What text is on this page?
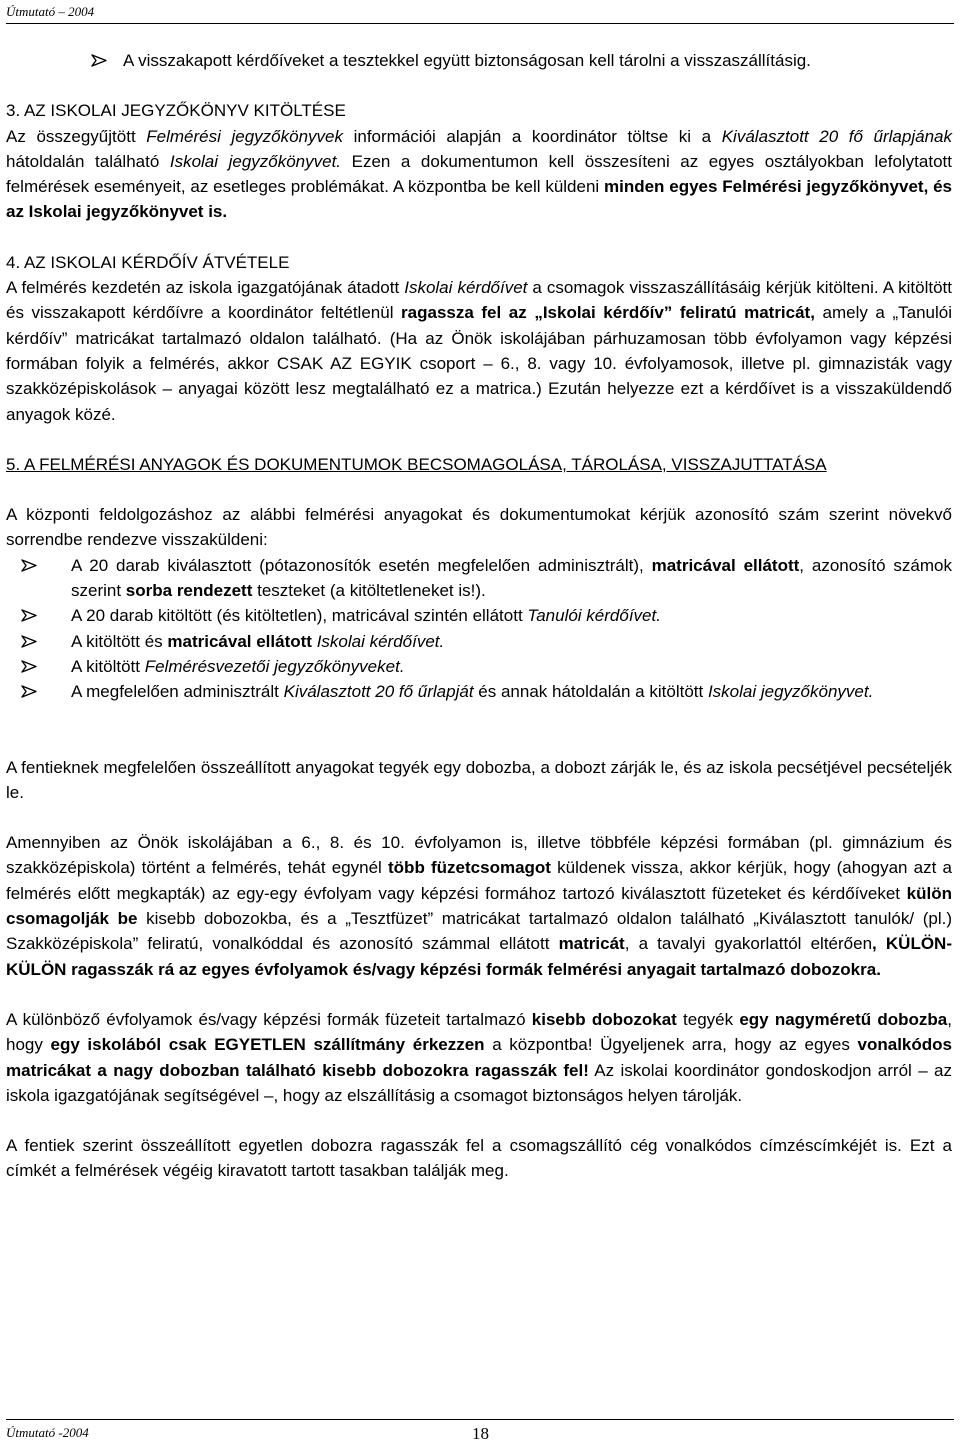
Útmutató – 2004
A visszakapott kérdőíveket a tesztekkel együtt biztonságosan kell tárolni a visszaszállításig.

3. AZ ISKOLAI JEGYZŐKÖNYV KITÖLTÉSE

Az összegyűjtött Felmérési jegyzőkönyvek információi alapján a koordinátor töltse ki a Kiválasztott 20 fő űrlapjának hátoldalán található Iskolai jegyzőkönyvet. Ezen a dokumentumon kell összesíteni az egyes osztályokban lefolytatott felmérések eseményeit, az esetleges problémákat. A központba be kell küldeni minden egyes Felmérési jegyzőkönyvet, és az Iskolai jegyzőkönyvet is.

4. AZ ISKOLAI KÉRDŐÍV ÁTVÉTELE

A felmérés kezdetén az iskola igazgatójának átadott Iskolai kérdőívet a csomagok visszaszállításáig kérjük kitölteni. A kitöltött és visszakapott kérdőívre a koordinátor feltétlenül ragassza fel az „Iskolai kérdőív” feliratú matricát, amely a „Tanulói kérdőív” matricákat tartalmazó oldalon található. (Ha az Önök iskolájában párhuzamosan több évfolyamon vagy képzési formában folyik a felmérés, akkor CSAK AZ EGYIK csoport – 6., 8. vagy 10. évfolyamosok, illetve pl. gimnazisták vagy szakközépiskolások – anyagai között lesz megtalálható ez a matrica.) Ezután helyezze ezt a kérdőívet is a visszaküldendő anyagok közé.

5. A FELMÉRÉSI ANYAGOK ÉS DOKUMENTUMOK BECSOMAGOLÁSA, TÁROLÁSA, VISSZAJUTTATÁSA

A központi feldolgozáshoz az alábbi felmérési anyagokat és dokumentumokat kérjük azonosító szám szerint növekvő sorrendbe rendezve visszaküldeni:

A 20 darab kiválasztott (pótazonosítók esetén megfelelően adminisztrált), matricával ellátott, azonosító számok szerint sorba rendezett teszteket (a kitöltetleneket is!).
A 20 darab kitöltött (és kitöltetlen), matricával szintén ellátott Tanulói kérdőívet.
A kitöltött és matricával ellátott Iskolai kérdőívet.
A kitöltött Felmérésvezetői jegyzőkönyveket.
A megfelelően adminisztrált Kiválasztott 20 fő űrlapját és annak hátoldalán a kitöltött Iskolai jegyzőkönyvet.

A fentieknek megfelelően összeállított anyagokat tegyék egy dobozba, a dobozt zárják le, és az iskola pecsétjével pecsételjék le.

Amennyiben az Önök iskolájában a 6., 8. és 10. évfolyamon is, illetve többféle képzési formában (pl. gimnázium és szakközépiskola) történt a felmérés, tehát egynél több füzetcsomagot küldenek vissza, akkor kérjük, hogy (ahogyan azt a felmérés előtt megkapták) az egy-egy évfolyam vagy képzési formához tartozó kiválasztott füzeteket és kérdőíveket külön csomagolják be kisebb dobozokba, és a „Tesztfüzet” matricákat tartalmazó oldalon található „Kiválasztott tanulók/ (pl.) Szakközépiskola” feliratú, vonalkóddal és azonosító számmal ellátott matricát, a tavalyi gyakorlattól eltérően, KÜLÖN-KÜLÖN ragasszák rá az egyes évfolyamok és/vagy képzési formák felmérési anyagait tartalmazó dobozokra.

A különböző évfolyamok és/vagy képzési formák füzeteit tartalmazó kisebb dobozokat tegyék egy nagyméretű dobozba, hogy egy iskolából csak EGYETLEN szállítmány érkezzen a központba! Ügyeljenek arra, hogy az egyes vonalkódos matricákat a nagy dobozban található kisebb dobozokra ragasszák fel! Az iskolai koordinátor gondoskodjon arról – az iskola igazgatójának segítségével –, hogy az elszállításig a csomagot biztonságos helyen tárolják.

A fentiek szerint összeállított egyetlen dobozra ragasszák fel a csomagszállító cég vonalkódos címzéscímkéjét is. Ezt a címkét a felmérések végéig kiravatott tartott tasakban találják meg.

Útmutató -2004	18
